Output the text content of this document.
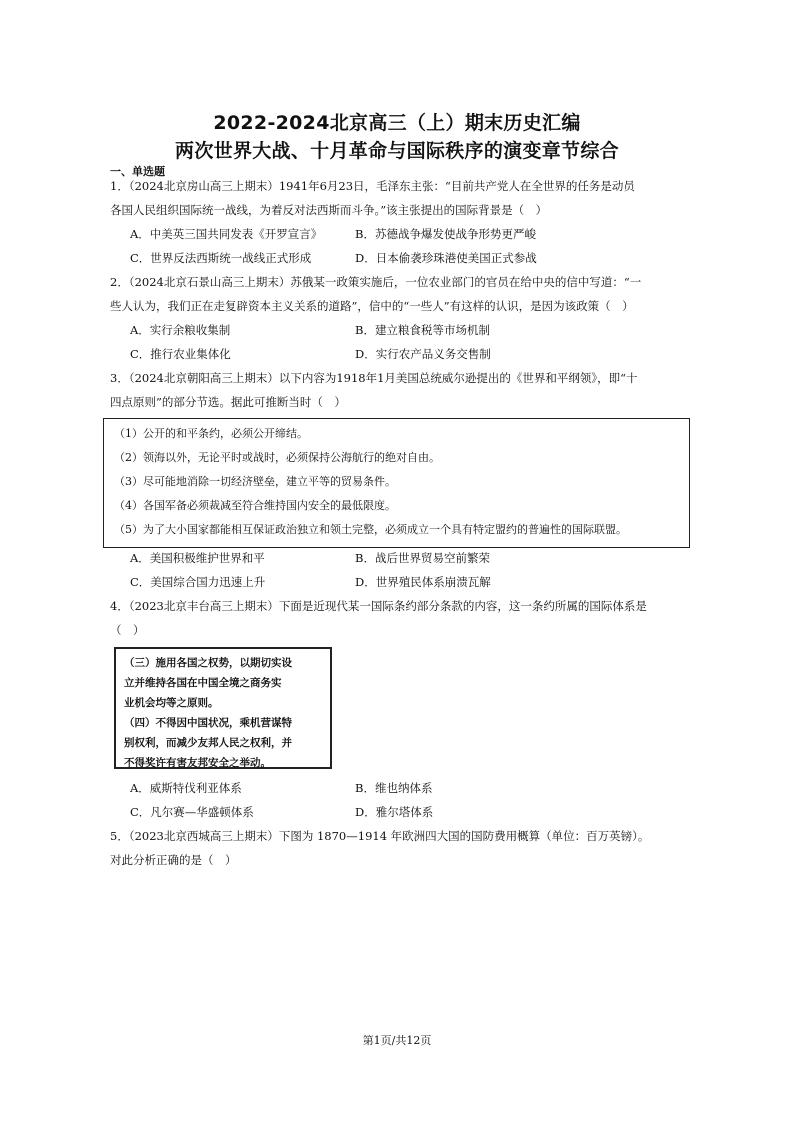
2022-2024北京高三（上）期末历史汇编
两次世界大战、十月革命与国际秩序的演变章节综合
一、单选题
1．（2024北京房山高三上期末）1941年6月23日，毛泽东主张：“目前共产党人在全世界的任务是动员
各国人民组织国际统一战线，为着反对法西斯而斗争。”该主张提出的国际背景是（　）
A．中美英三国共同发表《开罗宣言》	B．苏德战争爆发使战争形势更严峻
C．世界反法西斯统一战线正式形成	D．日本偷袭珍珠港使美国正式参战
2．（2024北京石景山高三上期末）苏俄某一政策实施后，一位农业部门的官员在给中央的信中写道：“一
些人认为，我们正在走复辟资本主义关系的道路”，信中的“一些人”有这样的认识，是因为该政策（　）
A．实行余粮收集制	B．建立粮食税等市场机制
C．推行农业集体化	D．实行农产品义务交售制
3．（2024北京朝阳高三上期末）以下内容为1918年1月美国总统威尔逊提出的《世界和平纲领》，即“十
四点原则”的部分节选。据此可推断当时（　）
（1）公开的和平条约，必须公开缔结。
（2）领海以外，无论平时或战时，必须保持公海航行的绝对自由。
（3）尽可能地消除一切经济壁垒，建立平等的贸易条件。
（4）各国军备必须裁减至符合维持国内安全的最低限度。
（5）为了大小国家都能相互保证政治独立和领土完整，必须成立一个具有特定盟约的普遍性的国际联盟。
A．美国积极维护世界和平	B．战后世界贸易空前繁荣
C．美国综合国力迅速上升	D．世界殖民体系崩溃瓦解
4．（2023北京丰台高三上期末）下面是近现代某一国际条约部分条款的内容，这一条约所属的国际体系是
（　）

（三）施用各国之权势，以期切实设

立并维持各国在中国全境之商务实

业机会均等之原则。

（四）不得因中国状况，乘机营谋特

别权利，而减少友邦人民之权利，并

不得奖许有害友邦安全之举动。

A．威斯特伐利亚体系	B．维也纳体系
C．凡尔赛—华盛顿体系	D．雅尔塔体系
5．（2023北京西城高三上期末）下图为 1870—1914 年欧洲四大国的国防费用概算（单位：百万英镑）。
对此分析正确的是（　）
第1页/共12页
